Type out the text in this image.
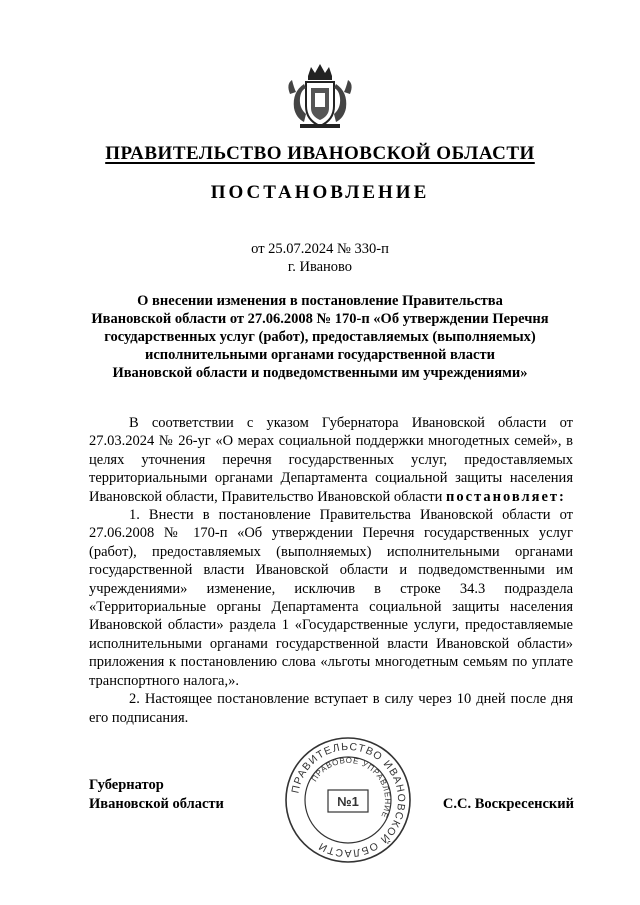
ПРАВИТЕЛЬСТВО ИВАНОВСКОЙ ОБЛАСТИ
ПОСТАНОВЛЕНИЕ
от 25.07.2024 № 330-п
г. Иваново
О внесении изменения в постановление Правительства
Ивановской области от 27.06.2008 № 170-п «Об утверждении Перечня
государственных услуг (работ), предоставляемых (выполняемых)
исполнительными органами государственной власти
Ивановской области и подведомственными им учреждениями»

В соответствии с указом Губернатора Ивановской области от 27.03.2024 № 26-уг «О мерах социальной поддержки многодетных семей», в целях уточнения перечня государственных услуг, предоставляемых территориальными органами Департамента социальной защиты населения Ивановской области, Правительство Ивановской области постановляет:

1. Внести в постановление Правительства Ивановской области от 27.06.2008 № 170-п «Об утверждении Перечня государственных услуг (работ), предоставляемых (выполняемых) исполнительными органами государственной власти Ивановской области и подведомственными им учреждениями» изменение, исключив в строке 34.3 подраздела «Территориальные органы Департамента социальной защиты населения Ивановской области» раздела 1 «Государственные услуги, предоставляемые исполнительными органами государственной власти Ивановской области» приложения к постановлению слова «льготы многодетным семьям по уплате транспортного налога,».

2. Настоящее постановление вступает в силу через 10 дней после дня его подписания.

Губернатор
Ивановской области
ПРАВИТЕЛЬСТВО ИВАНОВСКОЙ ОБЛАСТИ
ПРАВОВОЕ УПРАВЛЕНИЕ
№1	С.С. Воскресенский
